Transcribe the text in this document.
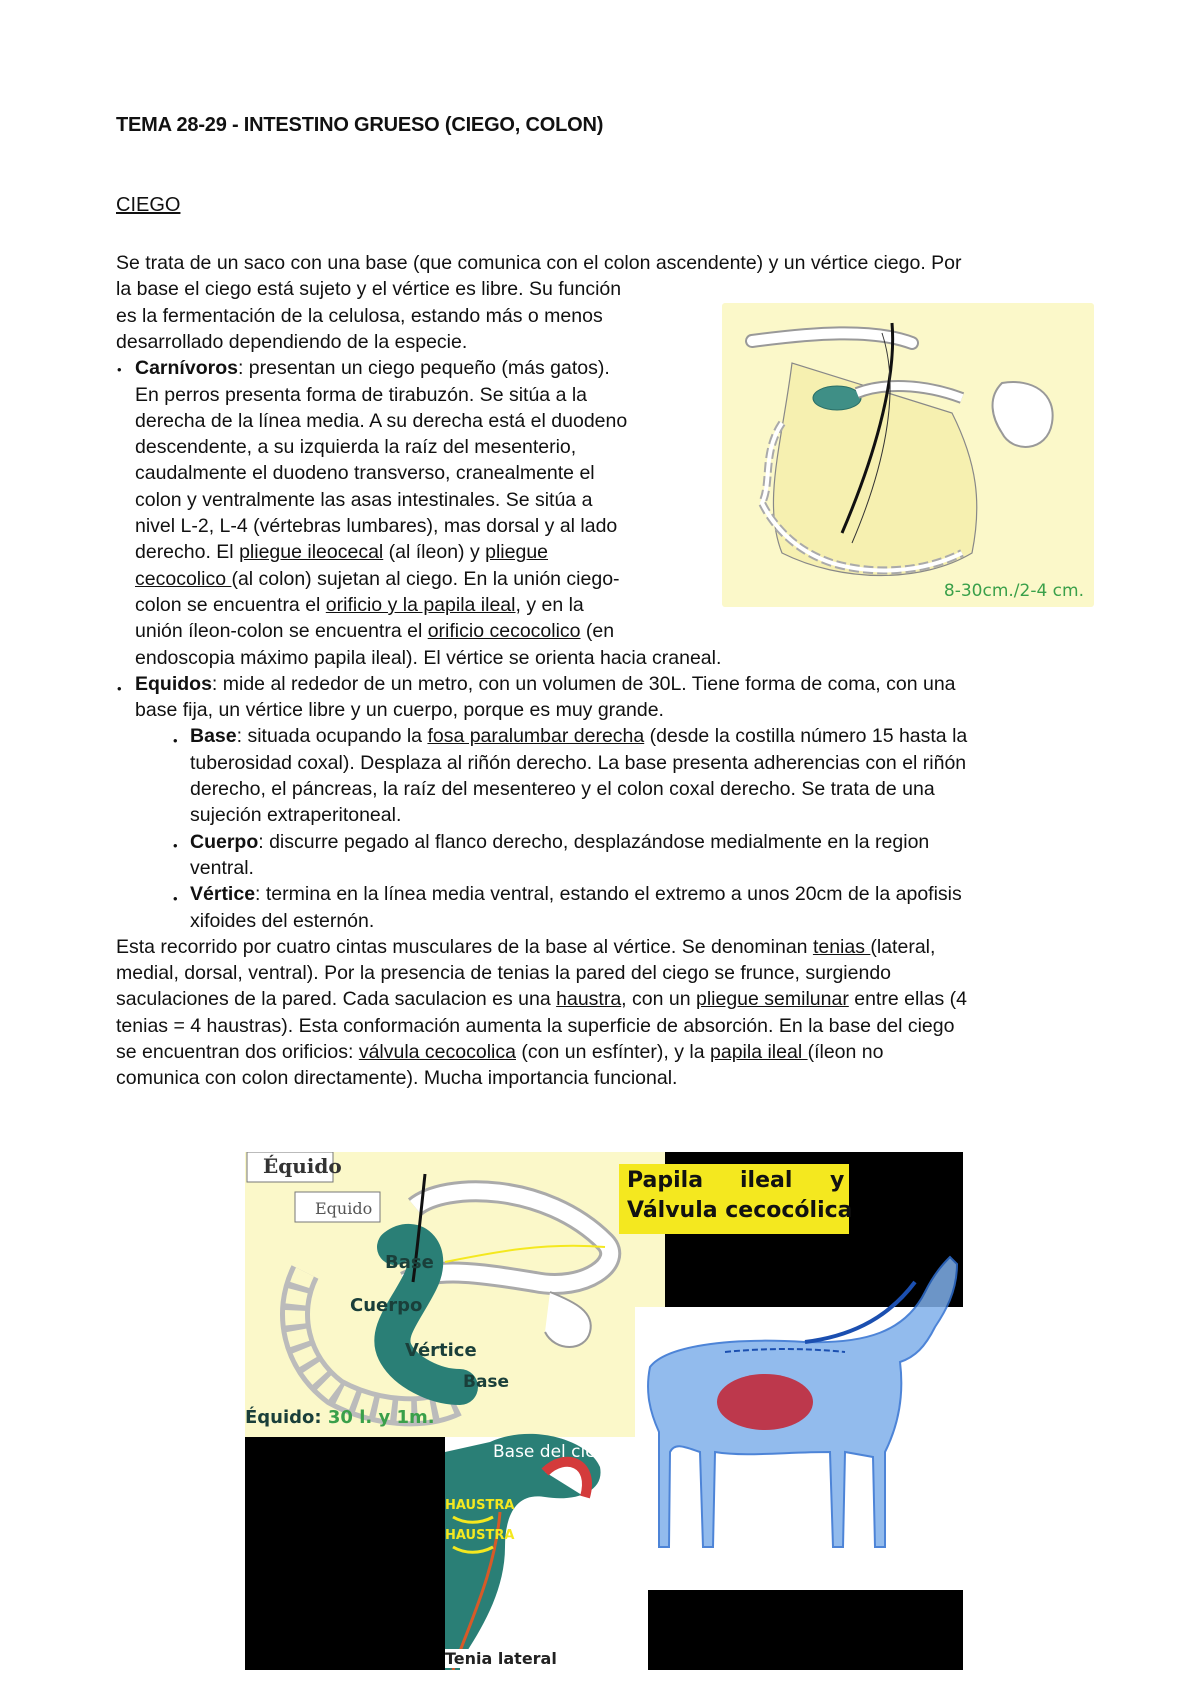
TEMA 28-29 - INTESTINO GRUESO (CIEGO, COLON)
CIEGO
Se trata de un saco con una base (que comunica con el colon ascendente) y un vértice ciego. Por
la base el ciego está sujeto y el vértice es libre. Su función
es la fermentación de la celulosa, estando más o menos
desarrollado dependiendo de la especie.
Carnívoros: presentan un ciego pequeño (más gatos).
En perros presenta forma de tirabuzón. Se sitúa a la
derecha de la línea media. A su derecha está el duodeno
descendente, a su izquierda la raíz del mesenterio,
caudalmente el duodeno transverso, cranealmente el
colon y ventralmente las asas intestinales. Se sitúa a
nivel L-2, L-4 (vértebras lumbares), mas dorsal y al lado
derecho. El pliegue ileocecal (al íleon) y pliegue
cecocolico (al colon) sujetan al ciego. En la unión ciego-
colon se encuentra el orificio y la papila ileal, y en la
unión íleon-colon se encuentra el orificio cecocolico (en
endoscopia máximo papila ileal). El vértice se orienta hacia craneal.
Equidos: mide al rededor de un metro, con un volumen de 30L. Tiene forma de coma, con una
base fija, un vértice libre y un cuerpo, porque es muy grande.
Base: situada ocupando la fosa paralumbar derecha (desde la costilla número 15 hasta la
tuberosidad coxal). Desplaza al riñón derecho. La base presenta adherencias con el riñón
derecho, el páncreas, la raíz del mesentereo y el colon coxal derecho. Se trata de una
sujeción extraperitoneal.
Cuerpo: discurre pegado al flanco derecho, desplazándose medialmente en la region
ventral.
Vértice: termina en la línea media ventral, estando el extremo a unos 20cm de la apofisis
xifoides del esternón.
Esta recorrido por cuatro cintas musculares de la base al vértice. Se denominan tenias (lateral,
medial, dorsal, ventral). Por la presencia de tenias la pared del ciego se frunce, surgiendo
saculaciones de la pared. Cada saculacion es una haustra, con un pliegue semilunar entre ellas (4
tenias = 4 haustras). Esta conformación aumenta la superficie de absorción. En la base del ciego
se encuentran dos orificios: válvula cecocolica (con un esfínter), y la papila ileal (íleon no
comunica con colon directamente). Mucha importancia funcional.
•
•
•
•
•
8-30cm./2-4 cm.
Équido
Equido
Papila ileal y
Válvula cecocólica
Base
Cuerpo
Vértice
Base
Équido: 30 l. y 1m.
Base del ciego
HAUSTRA
HAUSTRA
Tenia lateral
